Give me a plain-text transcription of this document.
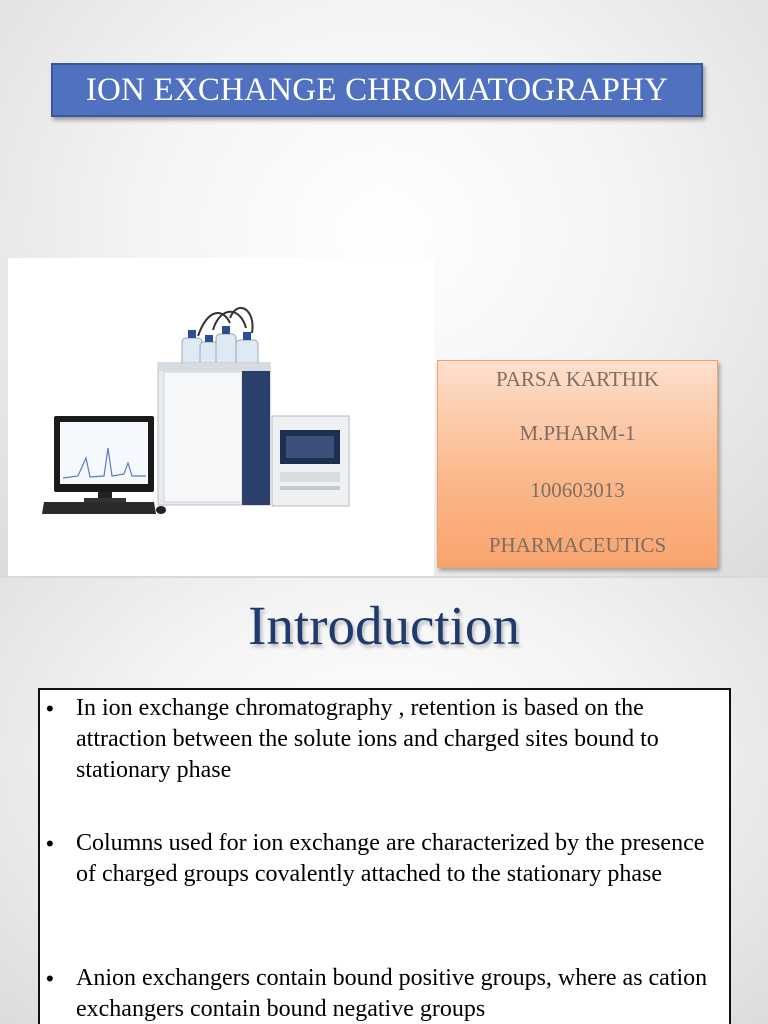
ION EXCHANGE CHROMATOGRAPHY
PARSA KARTHIK
M.PHARM-1
100603013
PHARMACEUTICS
Introduction
• In ion exchange chromatography , retention is based on the attraction between the solute ions and charged sites bound to stationary phase
• Columns used for ion exchange are characterized by the presence of charged groups covalently attached to the stationary phase
• Anion exchangers contain bound positive groups, where as cation exchangers contain bound negative groups
